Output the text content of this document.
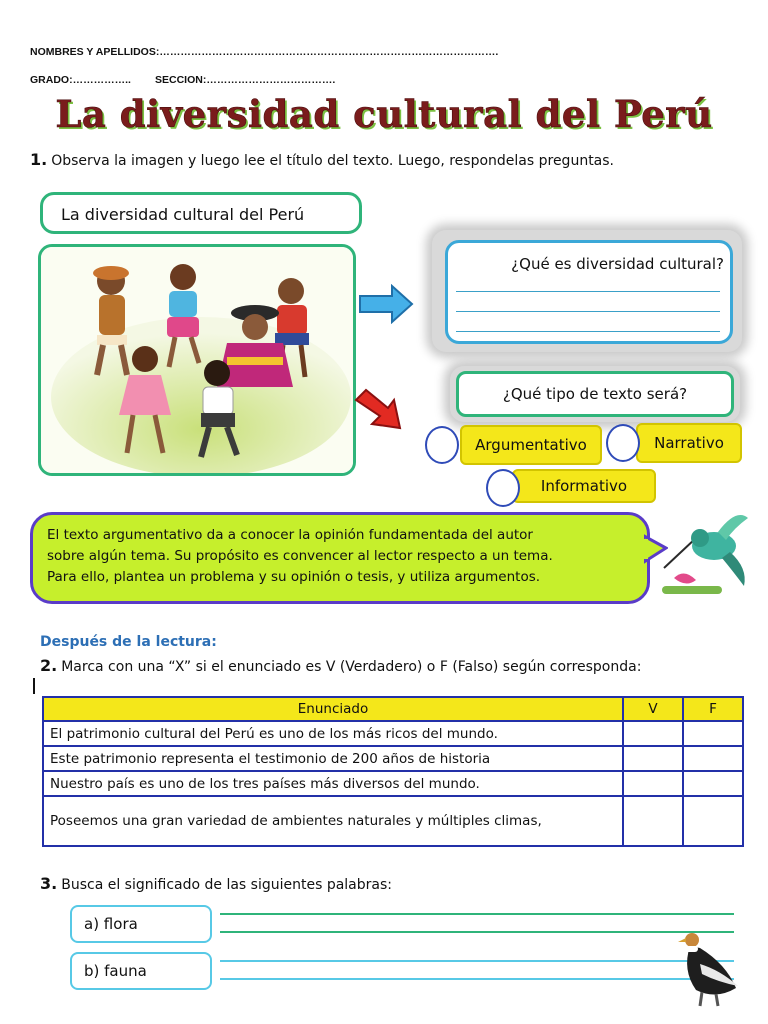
NOMBRES Y APELLIDOS:…………………………………………………………………………………….
GRADO:…………….. SECCION:……………………………….
La diversidad cultural del Perú
1. Observa la imagen y luego lee el título del texto. Luego, respondelas preguntas.
La diversidad cultural del Perú
¿Qué es diversidad cultural?
¿Qué tipo de texto será?
Argumentativo	Narrativo
Informativo
El texto argumentativo da a conocer la opinión fundamentada del autor
sobre algún tema. Su propósito es convencer al lector respecto a un tema.
Para ello, plantea un problema y su opinión o tesis, y utiliza argumentos.
Después de la lectura:
2. Marca con una “X” si el enunciado es V (Verdadero) o F (Falso) según corresponda:
Enunciado	V	F
El patrimonio cultural del Perú es uno de los más ricos del mundo.		
Este patrimonio representa el testimonio de 200 años de historia		
Nuestro país es uno de los tres países más diversos del mundo.		
Poseemos una gran variedad de ambientes naturales y múltiples climas,		
3. Busca el significado de las siguientes palabras:
a) flora
b) fauna
